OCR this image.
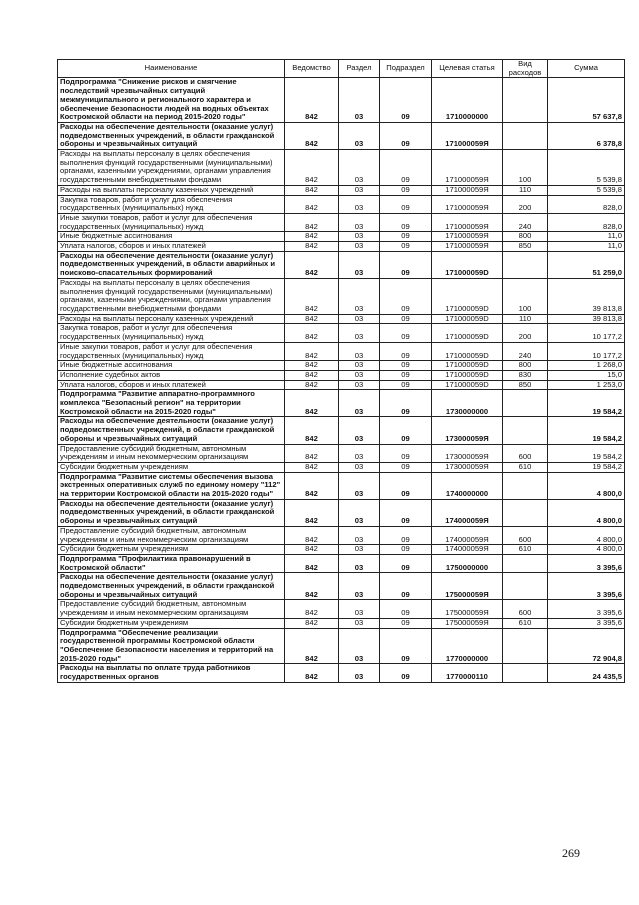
Наименование	Ведомство	Раздел	Подраздел	Целевая статья	Вид расходов	Сумма
Подпрограмма "Снижение рисков и смягчение последствий чрезвычайных ситуаций межмуниципального и регионального характера и обеспечение безопасности людей на водных объектах Костромской области на период 2015-2020 годы"	842	03	09	1710000000		57 637,8
Расходы на обеспечение деятельности (оказание услуг) подведомственных учреждений, в области гражданской обороны и чрезвычайных ситуаций	842	03	09	171000059Я		6 378,8
Расходы на выплаты персоналу в целях обеспечения выполнения функций государственными (муниципальными) органами, казенными учреждениями, органами управления государственными внебюджетными фондами	842	03	09	171000059Я	100	5 539,8
Расходы на выплаты персоналу казенных учреждений	842	03	09	171000059Я	110	5 539,8
Закупка товаров, работ и услуг для обеспечения государственных (муниципальных) нужд	842	03	09	171000059Я	200	828,0
Иные закупки товаров, работ и услуг для обеспечения государственных (муниципальных) нужд	842	03	09	171000059Я	240	828,0
Иные бюджетные ассигнования	842	03	09	171000059Я	800	11,0
Уплата налогов, сборов и иных платежей	842	03	09	171000059Я	850	11,0
Расходы на обеспечение деятельности (оказание услуг) подведомственных учреждений, в области аварийных и поисково-спасательных формирований	842	03	09	171000059D		51 259,0
Расходы на выплаты персоналу в целях обеспечения выполнения функций государственными (муниципальными) органами, казенными учреждениями, органами управления государственными внебюджетными фондами	842	03	09	171000059D	100	39 813,8
Расходы на выплаты персоналу казенных учреждений	842	03	09	171000059D	110	39 813,8
Закупка товаров, работ и услуг для обеспечения государственных (муниципальных) нужд	842	03	09	171000059D	200	10 177,2
Иные закупки товаров, работ и услуг для обеспечения государственных (муниципальных) нужд	842	03	09	171000059D	240	10 177,2
Иные бюджетные ассигнования	842	03	09	171000059D	800	1 268,0
Исполнение судебных актов	842	03	09	171000059D	830	15,0
Уплата налогов, сборов и иных платежей	842	03	09	171000059D	850	1 253,0
Подпрограмма "Развитие аппаратно-программного комплекса "Безопасный регион" на территории Костромской области на 2015-2020 годы"	842	03	09	1730000000		19 584,2
Расходы на обеспечение деятельности (оказание услуг) подведомственных учреждений, в области гражданской обороны и чрезвычайных ситуаций	842	03	09	173000059Я		19 584,2
Предоставление субсидий бюджетным, автономным учреждениям и иным некоммерческим организациям	842	03	09	173000059Я	600	19 584,2
Субсидии бюджетным учреждениям	842	03	09	173000059Я	610	19 584,2
Подпрограмма "Развитие системы обеспечения вызова экстренных оперативных служб по единому номеру "112" на территории Костромской области на 2015-2020 годы"	842	03	09	1740000000		4 800,0
Расходы на обеспечение деятельности (оказание услуг) подведомственных учреждений, в области гражданской обороны и чрезвычайных ситуаций	842	03	09	174000059Я		4 800,0
Предоставление субсидий бюджетным, автономным учреждениям и иным некоммерческим организациям	842	03	09	174000059Я	600	4 800,0
Субсидии бюджетным учреждениям	842	03	09	174000059Я	610	4 800,0
Подпрограмма "Профилактика правонарушений в Костромской области"	842	03	09	1750000000		3 395,6
Расходы на обеспечение деятельности (оказание услуг) подведомственных учреждений, в области гражданской обороны и чрезвычайных ситуаций	842	03	09	175000059Я		3 395,6
Предоставление субсидий бюджетным, автономным учреждениям и иным некоммерческим организациям	842	03	09	175000059Я	600	3 395,6
Субсидии бюджетным учреждениям	842	03	09	175000059Я	610	3 395,6
Подпрограмма "Обеспечение реализации государственной программы Костромской области "Обеспечение безопасности населения и территорий на 2015-2020 годы"	842	03	09	1770000000		72 904,8
Расходы на выплаты по оплате труда работников государственных органов	842	03	09	1770000110		24 435,5
269
